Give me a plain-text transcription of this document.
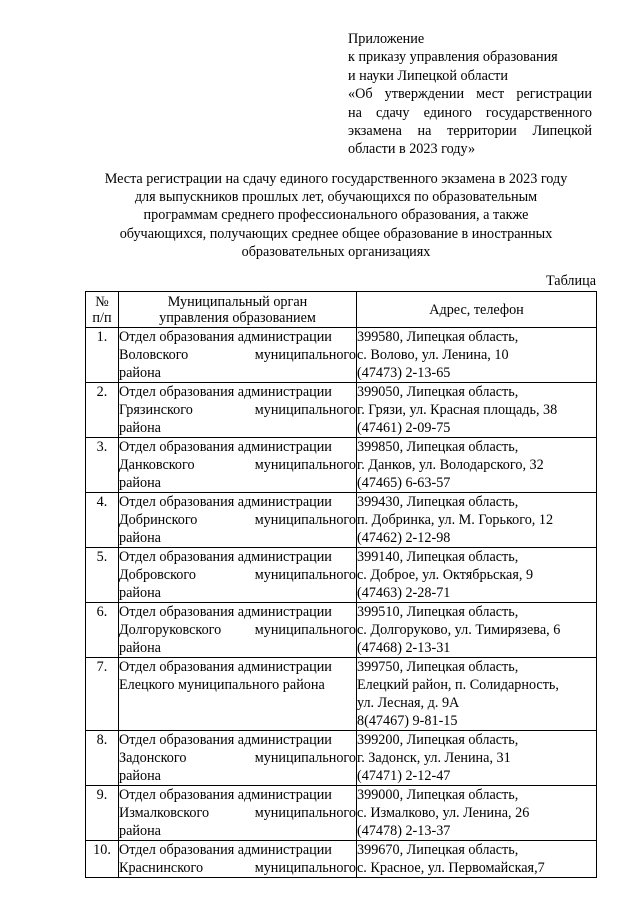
Приложение
к приказу управления образования
и науки Липецкой области
«Об утверждении мест регистрации
на сдачу единого государственного
экзамена на территории Липецкой
области в 2023 году»
Места регистрации на сдачу единого государственного экзамена в 2023 году
для выпускников прошлых лет, обучающихся по образовательным
программам среднего профессионального образования, а также
обучающихся, получающих среднее общее образование в иностранных
образовательных организациях
Таблица
№
п/п	Муниципальный орган
управления образованием	Адрес, телефон
1.	Отдел образования администрации
Воловского муниципального
района	399580, Липецкая область,
с. Волово, ул. Ленина, 10
(47473) 2-13-65

2.	Отдел образования администрации
Грязинского муниципального
района	399050, Липецкая область,
г. Грязи, ул. Красная площадь, 38
(47461) 2-09-75

3.	Отдел образования администрации
Данковского муниципального
района	399850, Липецкая область,
г. Данков, ул. Володарского, 32
(47465) 6-63-57

4.	Отдел образования администрации
Добринского муниципального
района	399430, Липецкая область,
п. Добринка, ул. М. Горького, 12
(47462) 2-12-98

5.	Отдел образования администрации
Добровского муниципального
района	399140, Липецкая область,
с. Доброе, ул. Октябрьская, 9
(47463) 2-28-71

6.	Отдел образования администрации
Долгоруковского муниципального
района	399510, Липецкая область,
с. Долгоруково, ул. Тимирязева, 6
(47468) 2-13-31

7.	Отдел образования администрации
Елецкого муниципального района	399750, Липецкая область,
Елецкий район, п. Солидарность,
ул. Лесная, д. 9А
8(47467) 9-81-15

8.	Отдел образования администрации
Задонского муниципального
района	399200, Липецкая область,
г. Задонск, ул. Ленина, 31
(47471) 2-12-47

9.	Отдел образования администрации
Измалковского муниципального
района	399000, Липецкая область,
с. Измалково, ул. Ленина, 26
(47478) 2-13-37

10.	Отдел образования администрации
Краснинского муниципального	399670, Липецкая область,
с. Красное, ул. Первомайская,7
